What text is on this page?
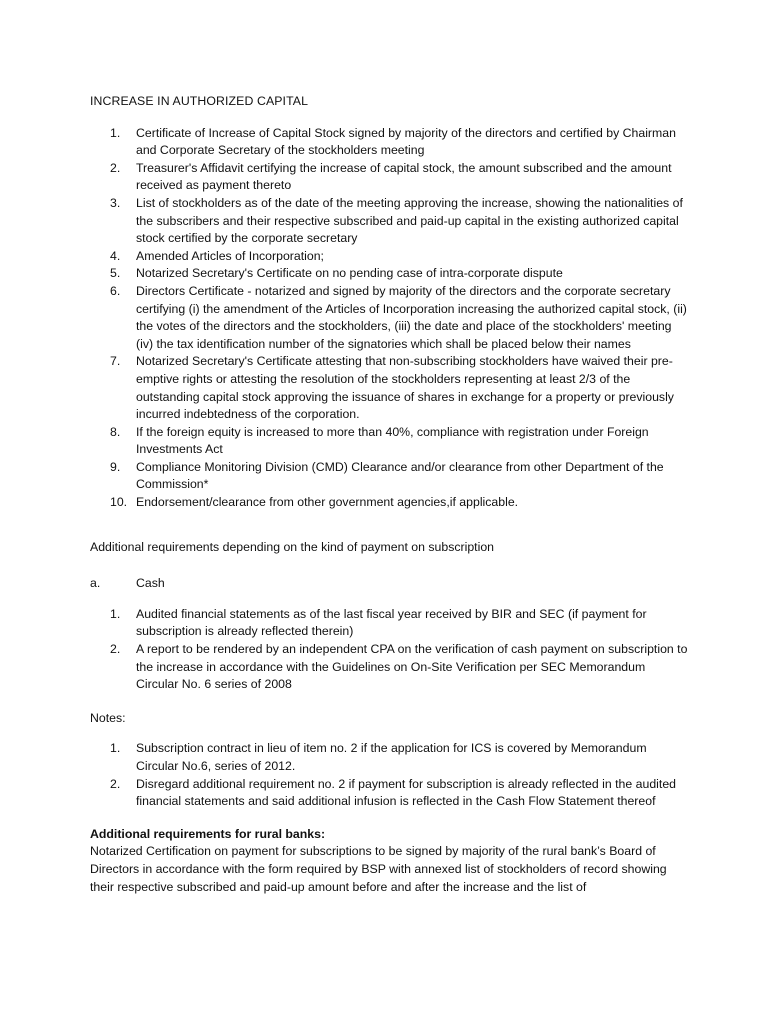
INCREASE IN AUTHORIZED CAPITAL

1.	Certificate of Increase of Capital Stock signed by majority of the directors and certified by Chairman and Corporate Secretary of the stockholders meeting
2.	Treasurer's Affidavit certifying the increase of capital stock, the amount subscribed and the amount received as payment thereto
3.	List of stockholders as of the date of the meeting approving the increase, showing the nationalities of the subscribers and their respective subscribed and paid-up capital in the existing authorized capital stock certified by the corporate secretary
4.	Amended Articles of Incorporation;
5.	Notarized Secretary's Certificate on no pending case of intra-corporate dispute
6.	Directors Certificate - notarized and signed by majority of the directors and the corporate secretary certifying (i) the amendment of the Articles of Incorporation increasing the authorized capital stock, (ii) the votes of the directors and the stockholders, (iii) the date and place of the stockholders' meeting (iv) the tax identification number of the signatories which shall be placed below their names
7.	Notarized Secretary's Certificate attesting that non-subscribing stockholders have waived their pre-emptive rights or attesting the resolution of the stockholders representing at least 2/3 of the outstanding capital stock approving the issuance of shares in exchange for a property or previously incurred indebtedness of the corporation.
8.	If the foreign equity is increased to more than 40%, compliance with registration under Foreign Investments Act
9.	Compliance Monitoring Division (CMD) Clearance and/or clearance from other Department of the Commission*
10. Endorsement/clearance from other government agencies,if applicable.

Additional requirements depending on the kind of payment on subscription

a.	Cash
1.	Audited financial statements as of the last fiscal year received by BIR and SEC (if payment for subscription is already reflected therein)
2.	A report to be rendered by an independent CPA on the verification of cash payment on subscription to the increase in accordance with the Guidelines on On-Site Verification per SEC Memorandum Circular No. 6 series of 2008

Notes:

1.	Subscription contract in lieu of item no. 2 if the application for ICS is covered by Memorandum Circular No.6, series of 2012.
2.	Disregard additional requirement no. 2 if payment for subscription is already reflected in the audited financial statements and said additional infusion is reflected in the Cash Flow Statement thereof

Additional requirements for rural banks:

Notarized Certification on payment for subscriptions to be signed by majority of the rural bank’s Board of Directors in accordance with the form required by BSP with annexed list of stockholders of record showing their respective subscribed and paid-up amount before and after the increase and the list of
